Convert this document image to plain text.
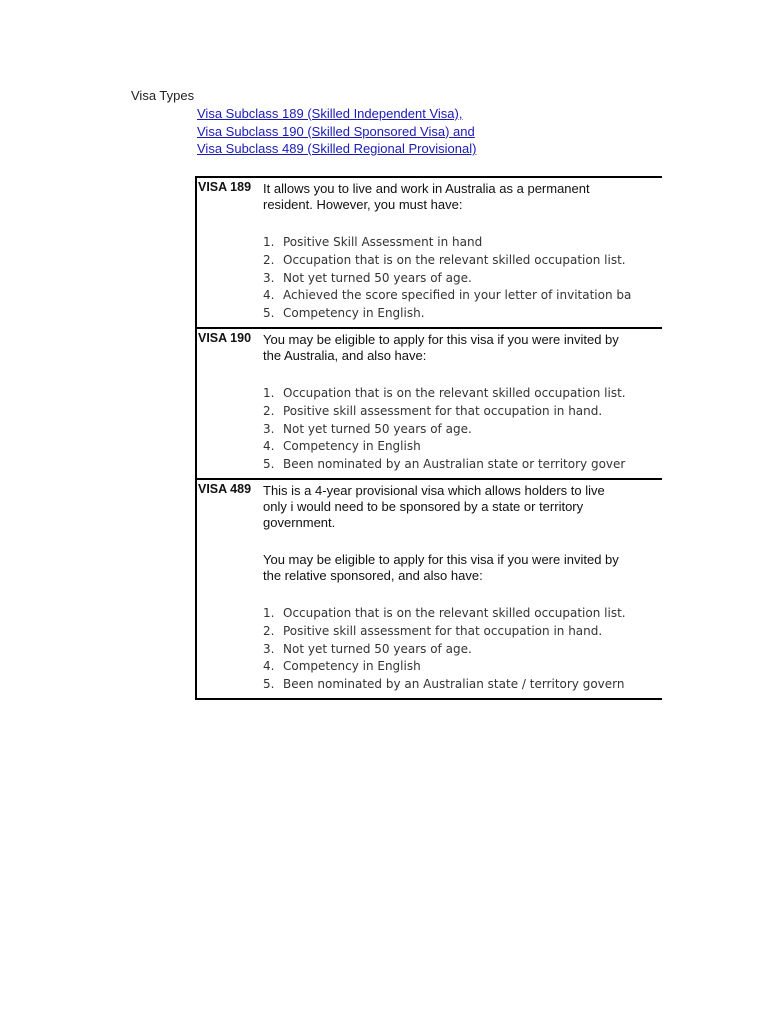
Visa Types
Visa Subclass 189 (Skilled Independent Visa),
Visa Subclass 190 (Skilled Sponsored Visa) and
Visa Subclass 489 (Skilled Regional Provisional)
VISA 189 It allows you to live and work in Australia as a permanent resident. However, you must have:

1. Positive Skill Assessment in hand
2. Occupation that is on the relevant skilled occupation list.
3. Not yet turned 50 years of age.
4. Achieved the score specified in your letter of invitation ba
5. Competency in English.
VISA 190 You may be eligible to apply for this visa if you were invited by the Australia, and also have:

1. Occupation that is on the relevant skilled occupation list.
2. Positive skill assessment for that occupation in hand.
3. Not yet turned 50 years of age.
4. Competency in English
5. Been nominated by an Australian state or territory gover
VISA 489 This is a 4-year provisional visa which allows holders to live only i would need to be sponsored by a state or territory government.

You may be eligible to apply for this visa if you were invited by the relative sponsored, and also have:

1. Occupation that is on the relevant skilled occupation list.
2. Positive skill assessment for that occupation in hand.
3. Not yet turned 50 years of age.
4. Competency in English
5. Been nominated by an Australian state / territory govern
